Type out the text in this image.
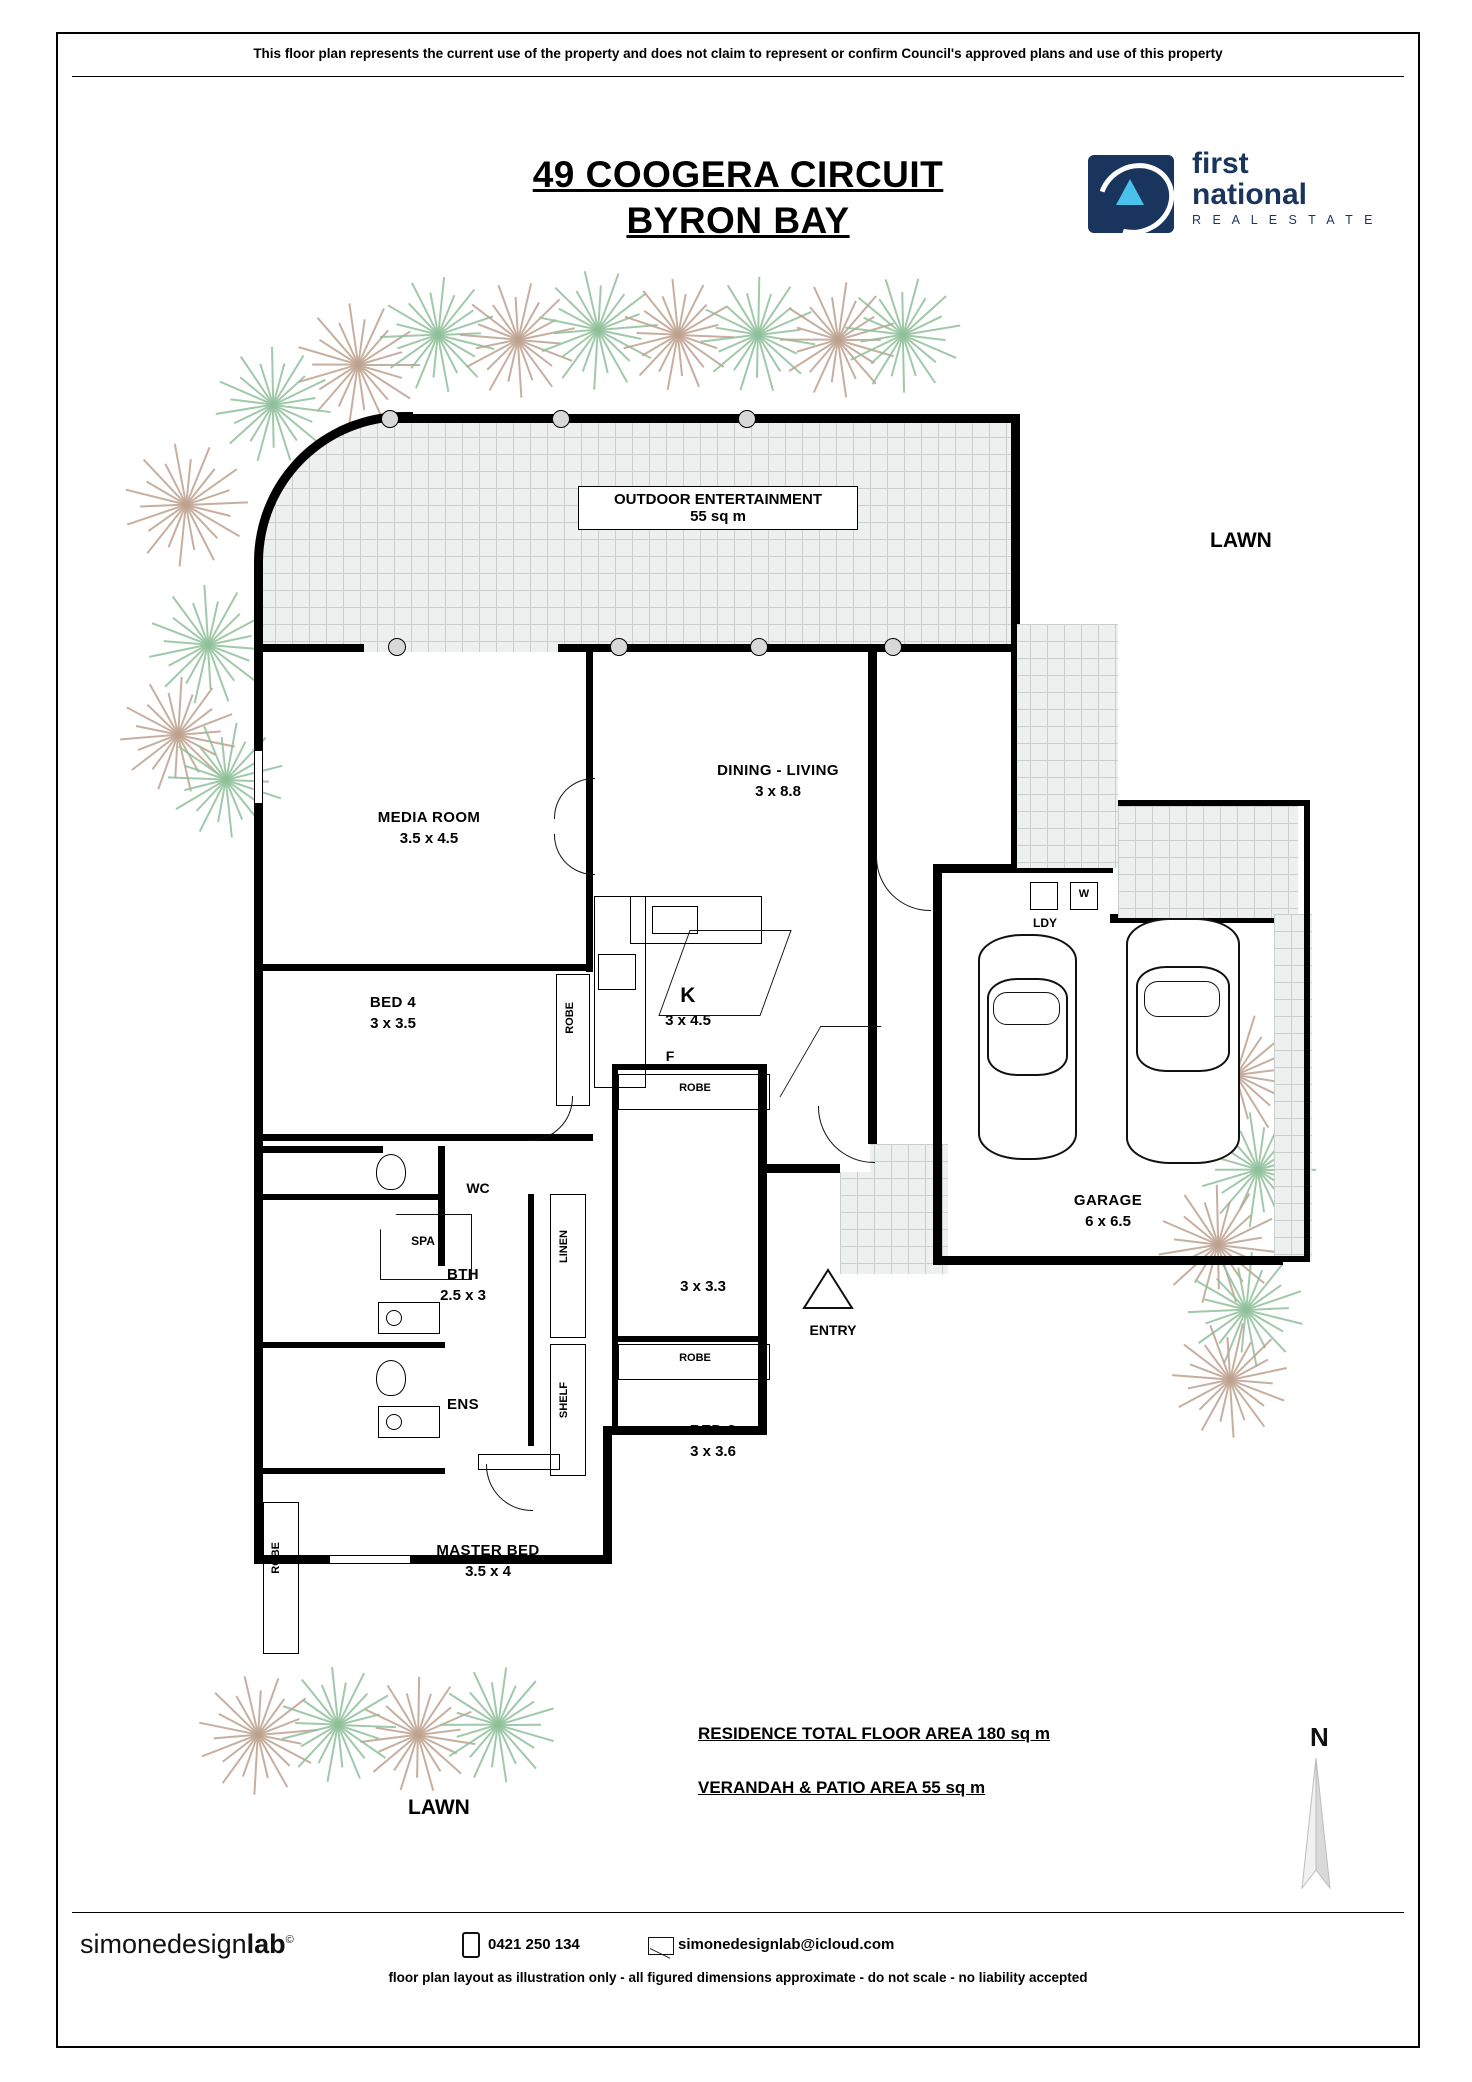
This floor plan represents the current use of the property and does not claim to represent or confirm Council's approved plans and use of this property
49 COOGERA CIRCUIT
BYRON BAY
first
national
R E A L E S T A T E
OUTDOOR ENTERTAINMENT
55 sq m
MEDIA ROOM
3.5 x 4.5
BED 4
3 x 3.5	ROBE
K
3 x 4.5
F
DINING - LIVING
3 x 8.8
WC
BTH
2.5 x 3
SPA	LINEN
SHELF
ENS
MASTER BED
3.5 x 4
ROBE
ROBE
3 x 3.3
ROBE
BED 3
3 x 3.6
GARAGE
6 x 6.5
LDY
W
ENTRY
LAWN
LAWN
RESIDENCE TOTAL FLOOR AREA 180 sq m
VERANDAH & PATIO AREA 55 sq m
N
simonedesignlab©	0421 250 134	simonedesignlab@icloud.com
floor plan layout as illustration only - all figured dimensions approximate - do not scale - no liability accepted
